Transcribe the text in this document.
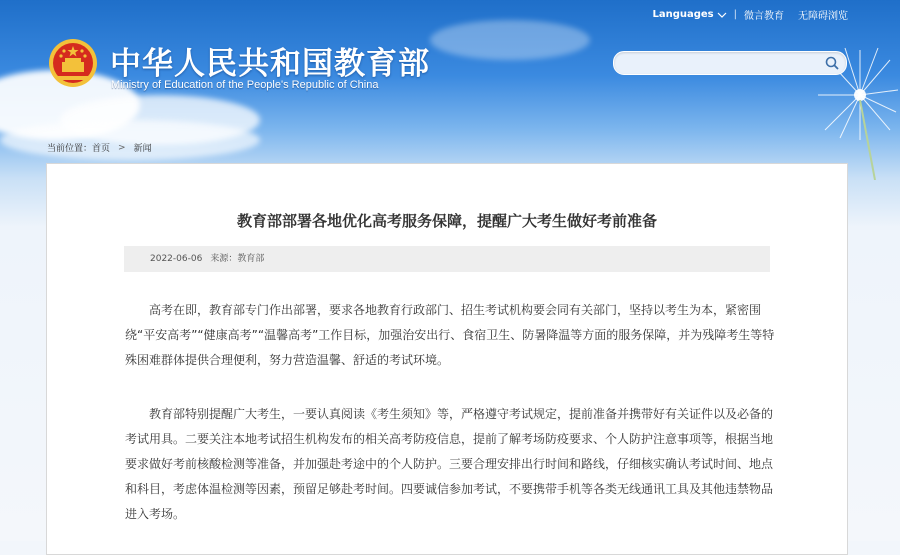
Languages | 微言教育 无障碍浏览
中华人民共和国教育部
Ministry of Education of the People's Republic of China
当前位置： 首页 > 新闻
教育部部署各地优化高考服务保障，提醒广大考生做好考前准备
2022-06-06 来源：教育部

高考在即，教育部专门作出部署，要求各地教育行政部门、招生考试机构要会同有关部门，坚持以考生为本，紧密围绕“平安高考”“健康高考”“温馨高考”工作目标，加强治安出行、食宿卫生、防暑降温等方面的服务保障，并为残障考生等特殊困难群体提供合理便利，努力营造温馨、舒适的考试环境。

教育部特别提醒广大考生，一要认真阅读《考生须知》等，严格遵守考试规定，提前准备并携带好有关证件以及必备的考试用具。二要关注本地考试招生机构发布的相关高考防疫信息，提前了解考场防疫要求、个人防护注意事项等，根据当地要求做好考前核酸检测等准备，并加强赴考途中的个人防护。三要合理安排出行时间和路线，仔细核实确认考试时间、地点和科目，考虑体温检测等因素，预留足够赴考时间。四要诚信参加考试，不要携带手机等各类无线通讯工具及其他违禁物品进入考场。
